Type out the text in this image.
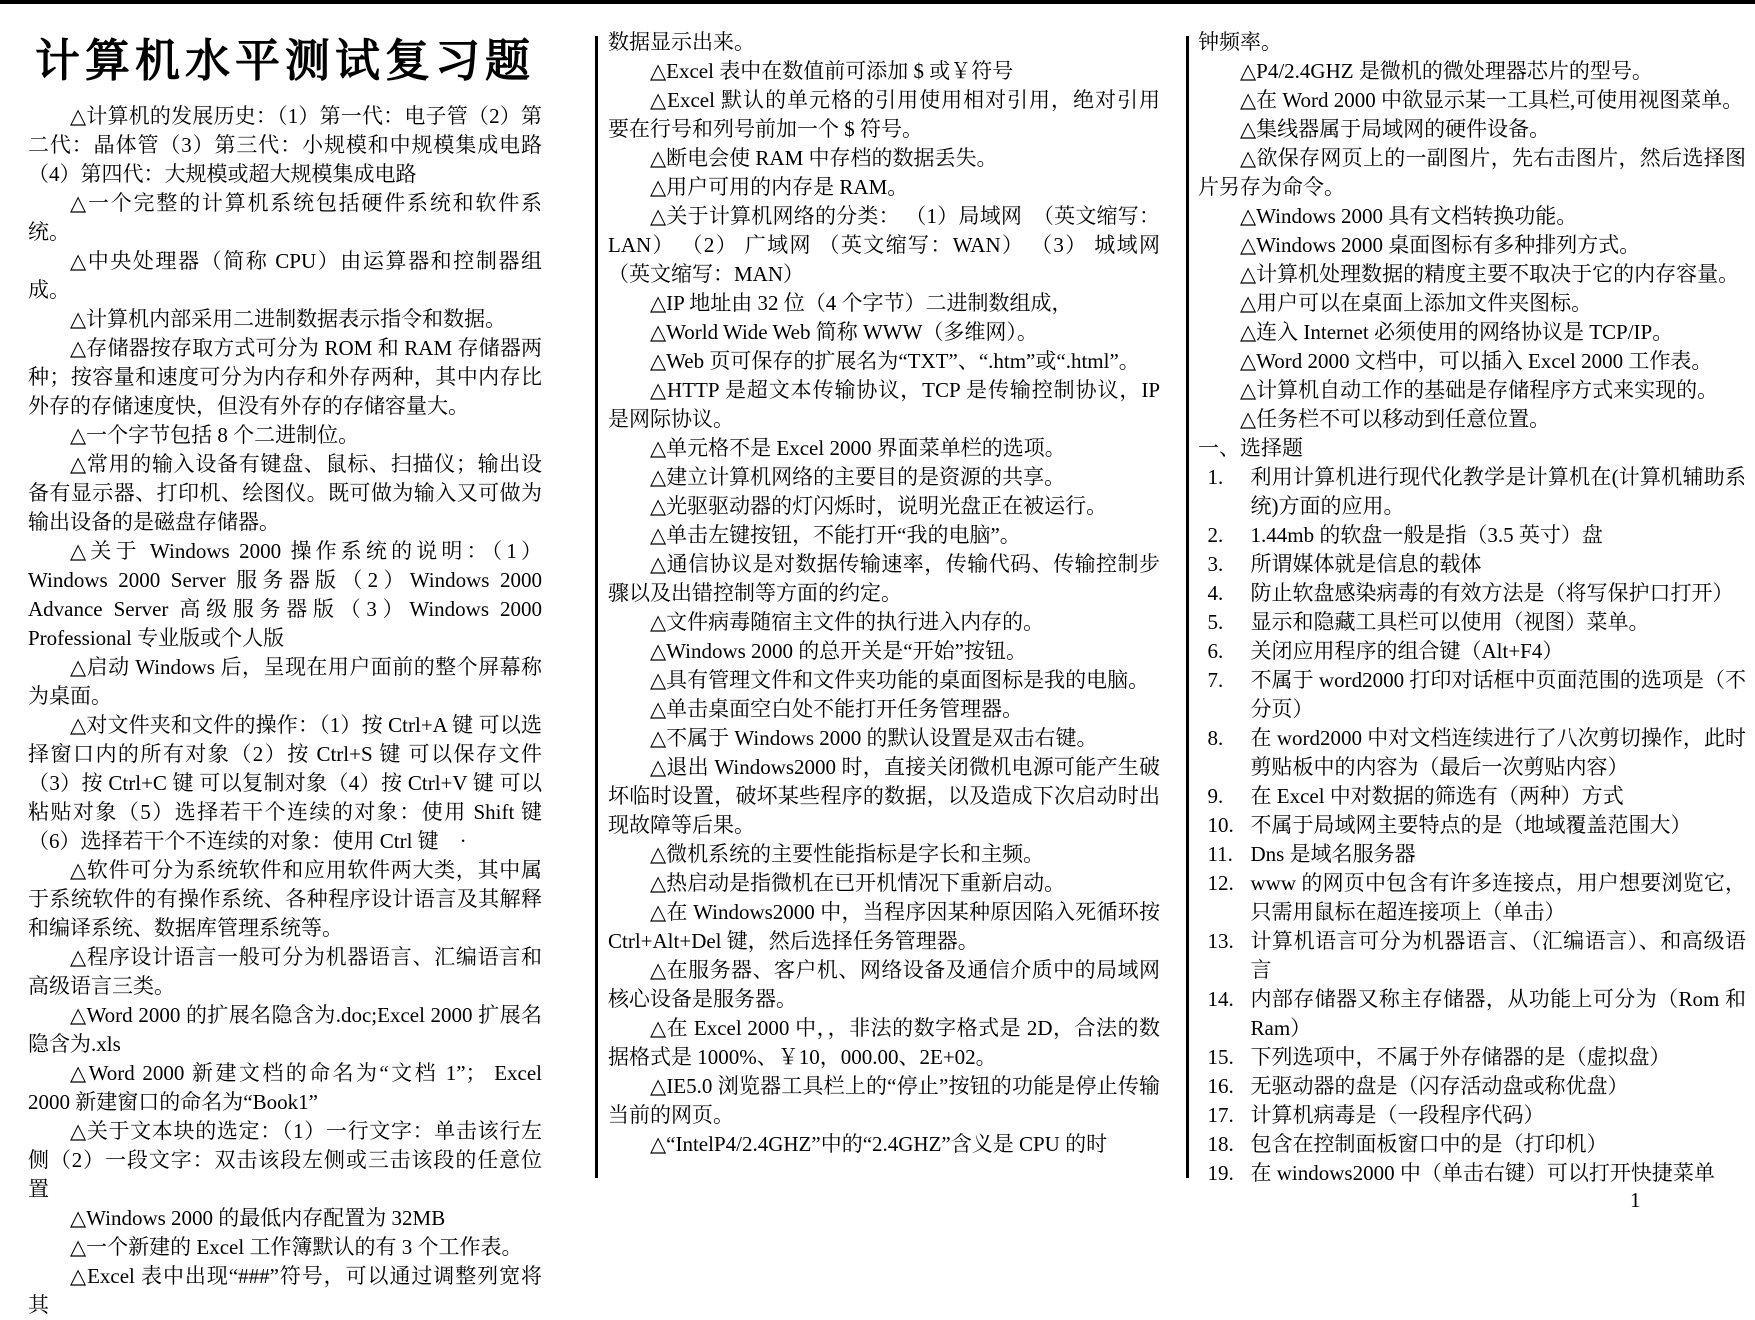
计算机水平测试复习题

△计算机的发展历史：（1）第一代：电子管（2）第二代：晶体管（3）第三代：小规模和中规模集成电路（4）第四代：大规模或超大规模集成电路

△一个完整的计算机系统包括硬件系统和软件系统。

△中央处理器（简称 CPU）由运算器和控制器组成。

△计算机内部采用二进制数据表示指令和数据。

△存储器按存取方式可分为 ROM 和 RAM 存储器两种；按容量和速度可分为内存和外存两种，其中内存比外存的存储速度快，但没有外存的存储容量大。

△一个字节包括 8 个二进制位。

△常用的输入设备有键盘、鼠标、扫描仪；输出设备有显示器、打印机、绘图仪。既可做为输入又可做为输出设备的是磁盘存储器。

△关于 Windows 2000 操作系统的说明：（1）Windows 2000 Server 服务器版（2）Windows 2000 Advance Server 高级服务器版（3）Windows 2000 Professional 专业版或个人版

△启动 Windows 后，呈现在用户面前的整个屏幕称为桌面。

△对文件夹和文件的操作：（1）按 Ctrl+A 键 可以选择窗口内的所有对象（2）按 Ctrl+S 键 可以保存文件（3）按 Ctrl+C 键 可以复制对象（4）按 Ctrl+V 键 可以粘贴对象（5）选择若干个连续的对象：使用 Shift 键（6）选择若干个不连续的对象：使用 Ctrl 键　·

△软件可分为系统软件和应用软件两大类，其中属于系统软件的有操作系统、各种程序设计语言及其解释和编译系统、数据库管理系统等。

△程序设计语言一般可分为机器语言、汇编语言和高级语言三类。

△Word 2000 的扩展名隐含为.doc;Excel 2000 扩展名隐含为.xls

△Word 2000 新建文档的命名为“文档 1”； Excel 2000 新建窗口的命名为“Book1”

△关于文本块的选定：（1）一行文字：单击该行左侧（2）一段文字：双击该段左侧或三击该段的任意位置

△Windows 2000 的最低内存配置为 32MB

△一个新建的 Excel 工作簿默认的有 3 个工作表。

△Excel 表中出现“###”符号，可以通过调整列宽将其

数据显示出来。

△Excel 表中在数值前可添加 $ 或￥符号

△Excel 默认的单元格的引用使用相对引用，绝对引用要在行号和列号前加一个 $ 符号。

△断电会使 RAM 中存档的数据丢失。

△用户可用的内存是 RAM。

△关于计算机网络的分类： （1）局域网　（英文缩写：LAN） （2） 广域网 （英文缩写：WAN） （3） 城域网（英文缩写：MAN）

△IP 地址由 32 位（4 个字节）二进制数组成，

△World Wide Web 简称 WWW（多维网）。

△Web 页可保存的扩展名为“TXT”、“.htm”或“.html”。

△HTTP 是超文本传输协议，TCP 是传输控制协议，IP 是网际协议。

△单元格不是 Excel 2000 界面菜单栏的选项。

△建立计算机网络的主要目的是资源的共享。

△光驱驱动器的灯闪烁时，说明光盘正在被运行。

△单击左键按钮，不能打开“我的电脑”。

△通信协议是对数据传输速率，传输代码、传输控制步骤以及出错控制等方面的约定。

△文件病毒随宿主文件的执行进入内存的。

△Windows 2000 的总开关是“开始”按钮。

△具有管理文件和文件夹功能的桌面图标是我的电脑。

△单击桌面空白处不能打开任务管理器。

△不属于 Windows 2000 的默认设置是双击右键。

△退出 Windows2000 时，直接关闭微机电源可能产生破坏临时设置，破坏某些程序的数据，以及造成下次启动时出现故障等后果。

△微机系统的主要性能指标是字长和主频。

△热启动是指微机在已开机情况下重新启动。

△在 Windows2000 中，当程序因某种原因陷入死循环按 Ctrl+Alt+Del 键，然后选择任务管理器。

△在服务器、客户机、网络设备及通信介质中的局域网核心设备是服务器。

△在 Excel 2000 中，，非法的数字格式是 2D，合法的数据格式是 1000%、￥10，000.00、2E+02。

△IE5.0 浏览器工具栏上的“停止”按钮的功能是停止传输当前的网页。

△“IntelP4/2.4GHZ”中的“2.4GHZ”含义是 CPU 的时

钟频率。

△P4/2.4GHZ 是微机的微处理器芯片的型号。

△在 Word 2000 中欲显示某一工具栏,可使用视图菜单。

△集线器属于局域网的硬件设备。

△欲保存网页上的一副图片，先右击图片，然后选择图片另存为命令。

△Windows 2000 具有文档转换功能。

△Windows 2000 桌面图标有多种排列方式。

△计算机处理数据的精度主要不取决于它的内存容量。

△用户可以在桌面上添加文件夹图标。

△连入 Internet 必须使用的网络协议是 TCP/IP。

△Word 2000 文档中，可以插入 Excel 2000 工作表。

△计算机自动工作的基础是存储程序方式来实现的。

△任务栏不可以移动到任意位置。

一、选择题

1.	利用计算机进行现代化教学是计算机在(计算机辅助系统)方面的应用。
2.	1.44mb 的软盘一般是指（3.5 英寸）盘
3.	所谓媒体就是信息的载体
4.	防止软盘感染病毒的有效方法是（将写保护口打开）
5.	显示和隐藏工具栏可以使用（视图）菜单。
6.	关闭应用程序的组合键（Alt+F4）
7.	不属于 word2000 打印对话框中页面范围的选项是（不分页）
8.	在 word2000 中对文档连续进行了八次剪切操作，此时剪贴板中的内容为（最后一次剪贴内容）
9.	在 Excel 中对数据的筛选有（两种）方式
10. 不属于局域网主要特点的是（地域覆盖范围大）
11. Dns 是域名服务器
12. www 的网页中包含有许多连接点，用户想要浏览它，只需用鼠标在超连接项上（单击）
13. 计算机语言可分为机器语言、（汇编语言）、和高级语言
14. 内部存储器又称主存储器，从功能上可分为（Rom 和 Ram）
15. 下列选项中，不属于外存储器的是（虚拟盘）
16. 无驱动器的盘是（闪存活动盘或称优盘）
17. 计算机病毒是（一段程序代码）
18. 包含在控制面板窗口中的是（打印机）
19. 在 windows2000 中（单击右键）可以打开快捷菜单
1
